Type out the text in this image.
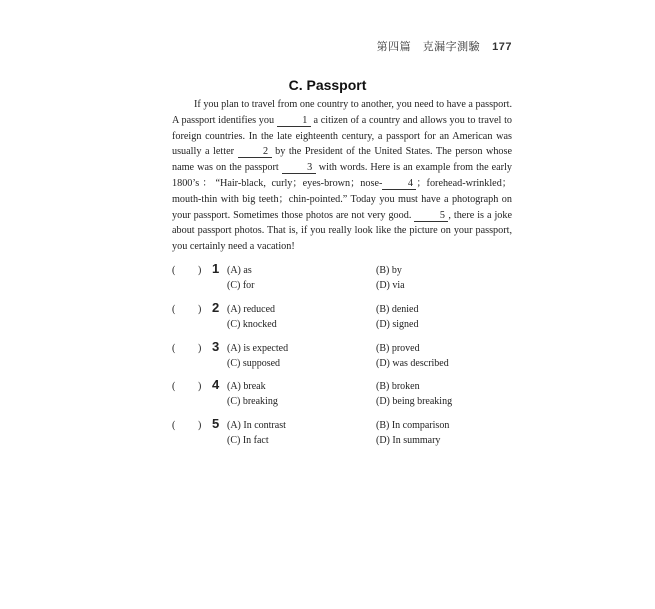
第四篇　克漏字測驗 177
C. Passport

If you plan to travel from one country to another, you need to have a passport. A passport identifies you 1 a citizen of a country and allows you to travel to foreign countries. In the late eighteenth century, a passport for an American was usually a letter 2 by the President of the United States. The person whose name was on the passport 3 with words. Here is an example from the early 1800’s：“Hair-black, curly；eyes-brown；nose- 4 ；forehead-wrinkled；mouth-thin with big teeth；chin-pointed.” Today you must have a photograph on your passport. Sometimes those photos are not very good. 5 , there is a joke about passport photos. That is, if you really look like the picture on your passport, you certainly need a vacation!

( ) 1 (A) as	(B) by
(C) for	(D) via
( ) 2 (A) reduced	(B) denied
(C) knocked	(D) signed
( ) 3 (A) is expected	(B) proved
(C) supposed	(D) was described
( ) 4 (A) break	(B) broken
(C) breaking	(D) being breaking
( ) 5 (A) In contrast	(B) In comparison
(C) In fact	(D) In summary
